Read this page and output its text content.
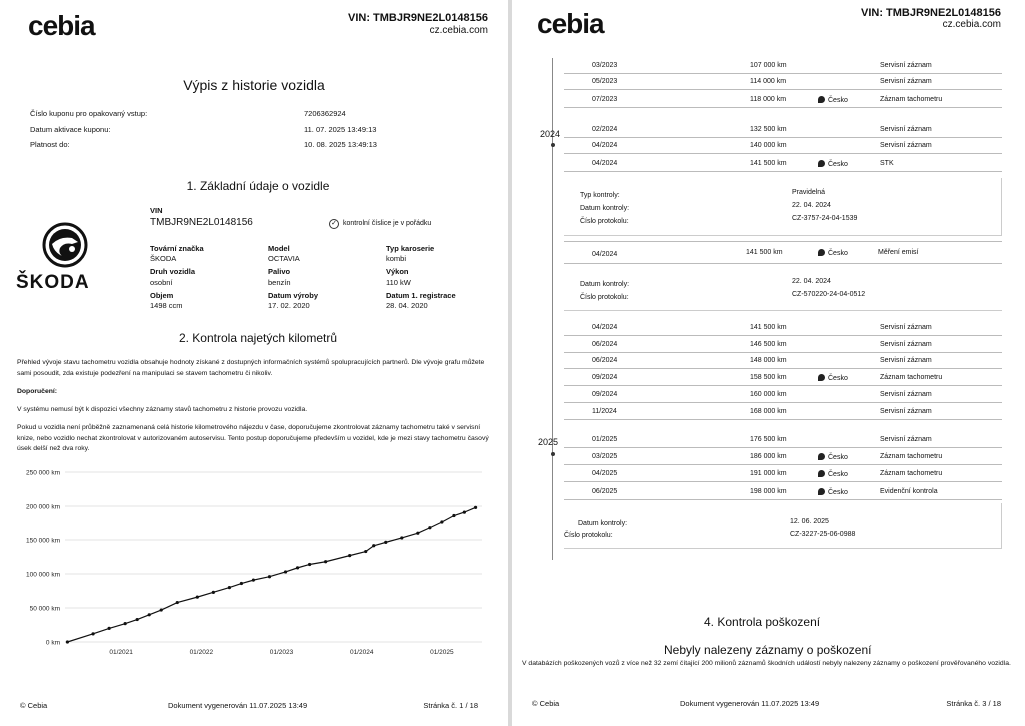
cebia	VIN: TMBJR9NE2L0148156
cz.cebia.com
Výpis z historie vozidla
Číslo kuponu pro opakovaný vstup:	7206362924
Datum aktivace kuponu:	11. 07. 2025 13:49:13
Platnost do:	10. 08. 2025 13:49:13
1. Základní údaje o vozidle
VIN
TMBJR9NE2L0148156	✓ kontrolní číslice je v pořádku
ŠKODA
Tovární značka
ŠKODA
Model
OCTAVIA
Typ karoserie
kombi
Druh vozidla
osobní
Palivo
benzín
Výkon
110 kW
Objem
1498 ccm
Datum výroby
17. 02. 2020
Datum 1. registrace
28. 04. 2020
2. Kontrola najetých kilometrů
Přehled vývoje stavu tachometru vozidla obsahuje hodnoty získané z dostupných informačních systémů spolupracujících partnerů. Dle vývoje grafu můžete sami posoudit, zda existuje podezření na manipulaci se stavem tachometru či nikoliv.
Doporučení:
V systému nemusí být k dispozici všechny záznamy stavů tachometru z historie provozu vozidla.
Pokud u vozidla není průběžně zaznamenaná celá historie kilometrového nájezdu v čase, doporučujeme zkontrolovat záznamy tachometru také v servisní knize, nebo vozidlo nechat zkontrolovat v autorizovaném autoservisu. Tento postup doporučujeme především u vozidel, kde je mezi stavy tachometru časový úsek delší než dva roky.
250 000 km
200 000 km
150 000 km
100 000 km
50 000 km
0 km
01/2021	01/2022	01/2023	01/2024	01/2025
© Cebia	Dokument vygenerován 11.07.2025 13:49	Stránka č. 1 / 18
cebia	VIN: TMBJR9NE2L0148156
cz.cebia.com
2024
2025
03/2023	107 000 km	Servisní záznam
05/2023	114 000 km	Servisní záznam
07/2023	118 000 km	Česko	Záznam tachometru
02/2024	132 500 km	Servisní záznam
04/2024	140 000 km	Servisní záznam
04/2024	141 500 km	Česko	STK
Typ kontroly:	Pravidelná
Datum kontroly:	22. 04. 2024
Číslo protokolu:	CZ-3757-24-04-1539
04/2024	141 500 km	Česko	Měření emisí
Datum kontroly:	22. 04. 2024
Číslo protokolu:	CZ-570220-24-04-0512
04/2024	141 500 km	Servisní záznam
06/2024	146 500 km	Servisní záznam
06/2024	148 000 km	Servisní záznam
09/2024	158 500 km	Česko	Záznam tachometru
09/2024	160 000 km	Servisní záznam
11/2024	168 000 km	Servisní záznam
01/2025	176 500 km	Servisní záznam
03/2025	186 000 km	Česko	Záznam tachometru
04/2025	191 000 km	Česko	Záznam tachometru
06/2025	198 000 km	Česko	Evidenční kontrola
Datum kontroly:	12. 06. 2025
Číslo protokolu:	CZ-3227-25-06-0988
4. Kontrola poškození
Nebyly nalezeny záznamy o poškození
V databázích poškozených vozů z více než 32 zemí čítající 200 milionů záznamů škodních událostí nebyly nalezeny záznamy o poškození prověřovaného vozidla.
© Cebia	Dokument vygenerován 11.07.2025 13:49	Stránka č. 3 / 18
